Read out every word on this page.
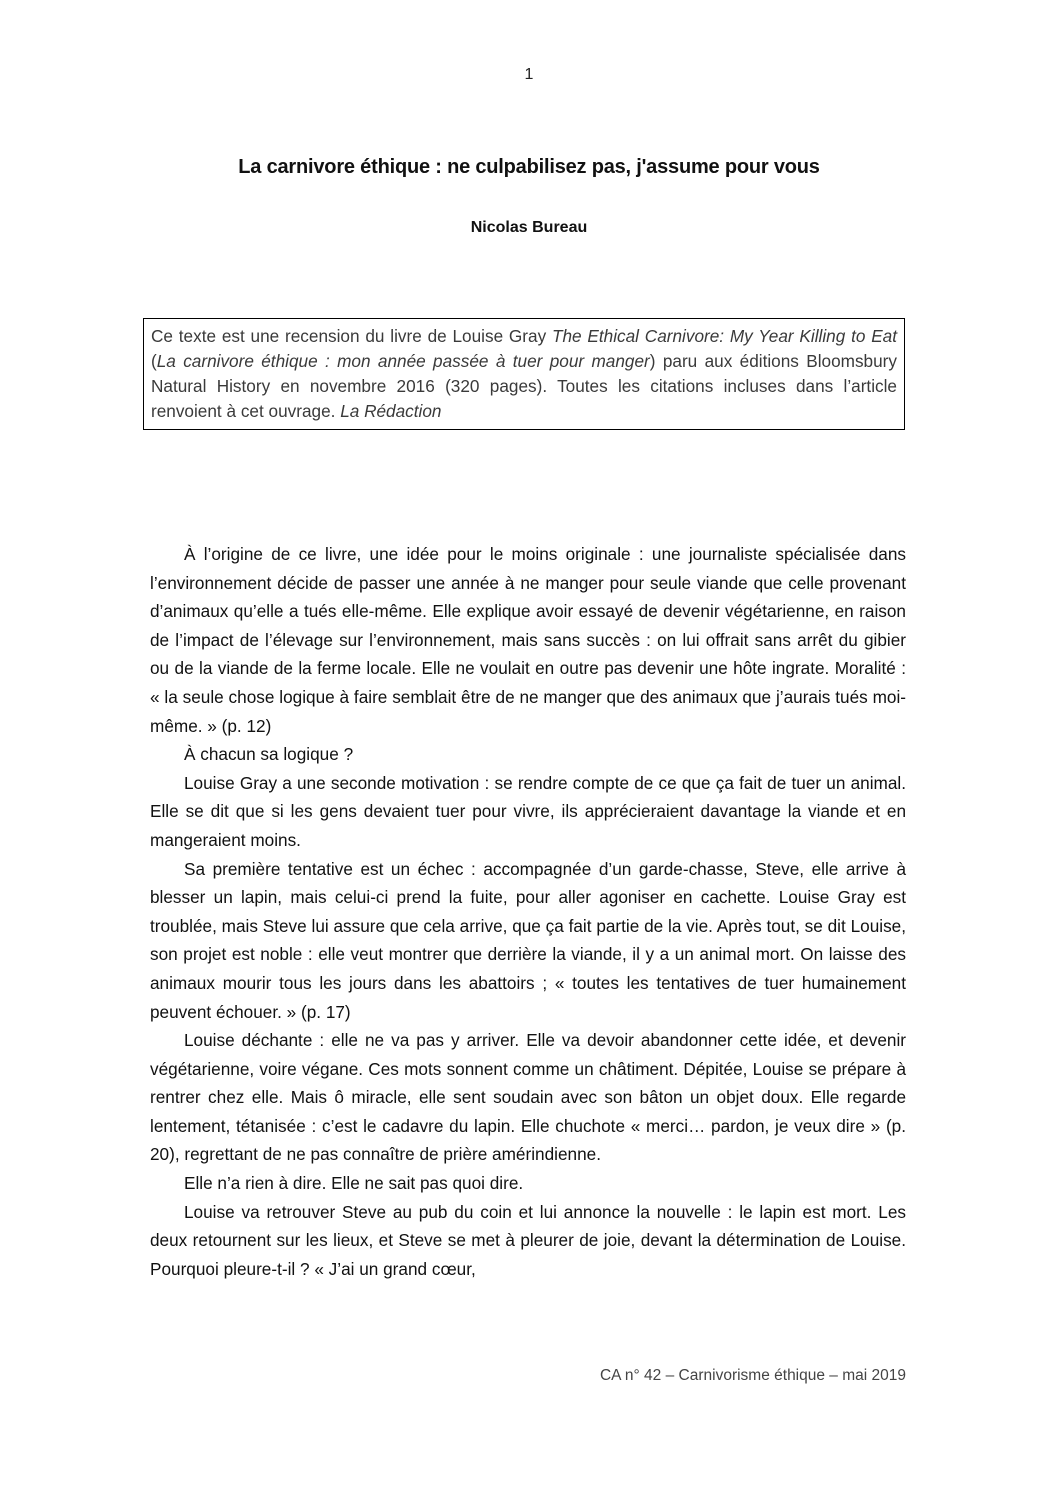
1
La carnivore éthique : ne culpabilisez pas, j'assume pour vous
Nicolas Bureau
Ce texte est une recension du livre de Louise Gray The Ethical Carnivore: My Year Killing to Eat (La carnivore éthique : mon année passée à tuer pour manger) paru aux éditions Bloomsbury Natural History en novembre 2016 (320 pages). Toutes les citations incluses dans l’article renvoient à cet ouvrage. La Rédaction

À l’origine de ce livre, une idée pour le moins originale : une journaliste spécialisée dans l’environnement décide de passer une année à ne manger pour seule viande que celle provenant d’animaux qu’elle a tués elle-même. Elle explique avoir essayé de devenir végétarienne, en raison de l’impact de l’élevage sur l’environnement, mais sans succès : on lui offrait sans arrêt du gibier ou de la viande de la ferme locale. Elle ne voulait en outre pas devenir une hôte ingrate. Moralité : « la seule chose logique à faire semblait être de ne manger que des animaux que j’aurais tués moi-même. » (p. 12)

À chacun sa logique ?

Louise Gray a une seconde motivation : se rendre compte de ce que ça fait de tuer un animal. Elle se dit que si les gens devaient tuer pour vivre, ils apprécieraient davantage la viande et en mangeraient moins.

Sa première tentative est un échec : accompagnée d’un garde-chasse, Steve, elle arrive à blesser un lapin, mais celui-ci prend la fuite, pour aller agoniser en cachette. Louise Gray est troublée, mais Steve lui assure que cela arrive, que ça fait partie de la vie. Après tout, se dit Louise, son projet est noble : elle veut montrer que derrière la viande, il y a un animal mort. On laisse des animaux mourir tous les jours dans les abattoirs ; « toutes les tentatives de tuer humainement peuvent échouer. » (p. 17)

Louise déchante : elle ne va pas y arriver. Elle va devoir abandonner cette idée, et devenir végétarienne, voire végane. Ces mots sonnent comme un châtiment. Dépitée, Louise se prépare à rentrer chez elle. Mais ô miracle, elle sent soudain avec son bâton un objet doux. Elle regarde lentement, tétanisée : c’est le cadavre du lapin. Elle chuchote « merci… pardon, je veux dire » (p. 20), regrettant de ne pas connaître de prière amérindienne.

Elle n’a rien à dire. Elle ne sait pas quoi dire.

Louise va retrouver Steve au pub du coin et lui annonce la nouvelle : le lapin est mort. Les deux retournent sur les lieux, et Steve se met à pleurer de joie, devant la détermination de Louise. Pourquoi pleure-t-il ? « J’ai un grand cœur,

CA n° 42 – Carnivorisme éthique – mai 2019
